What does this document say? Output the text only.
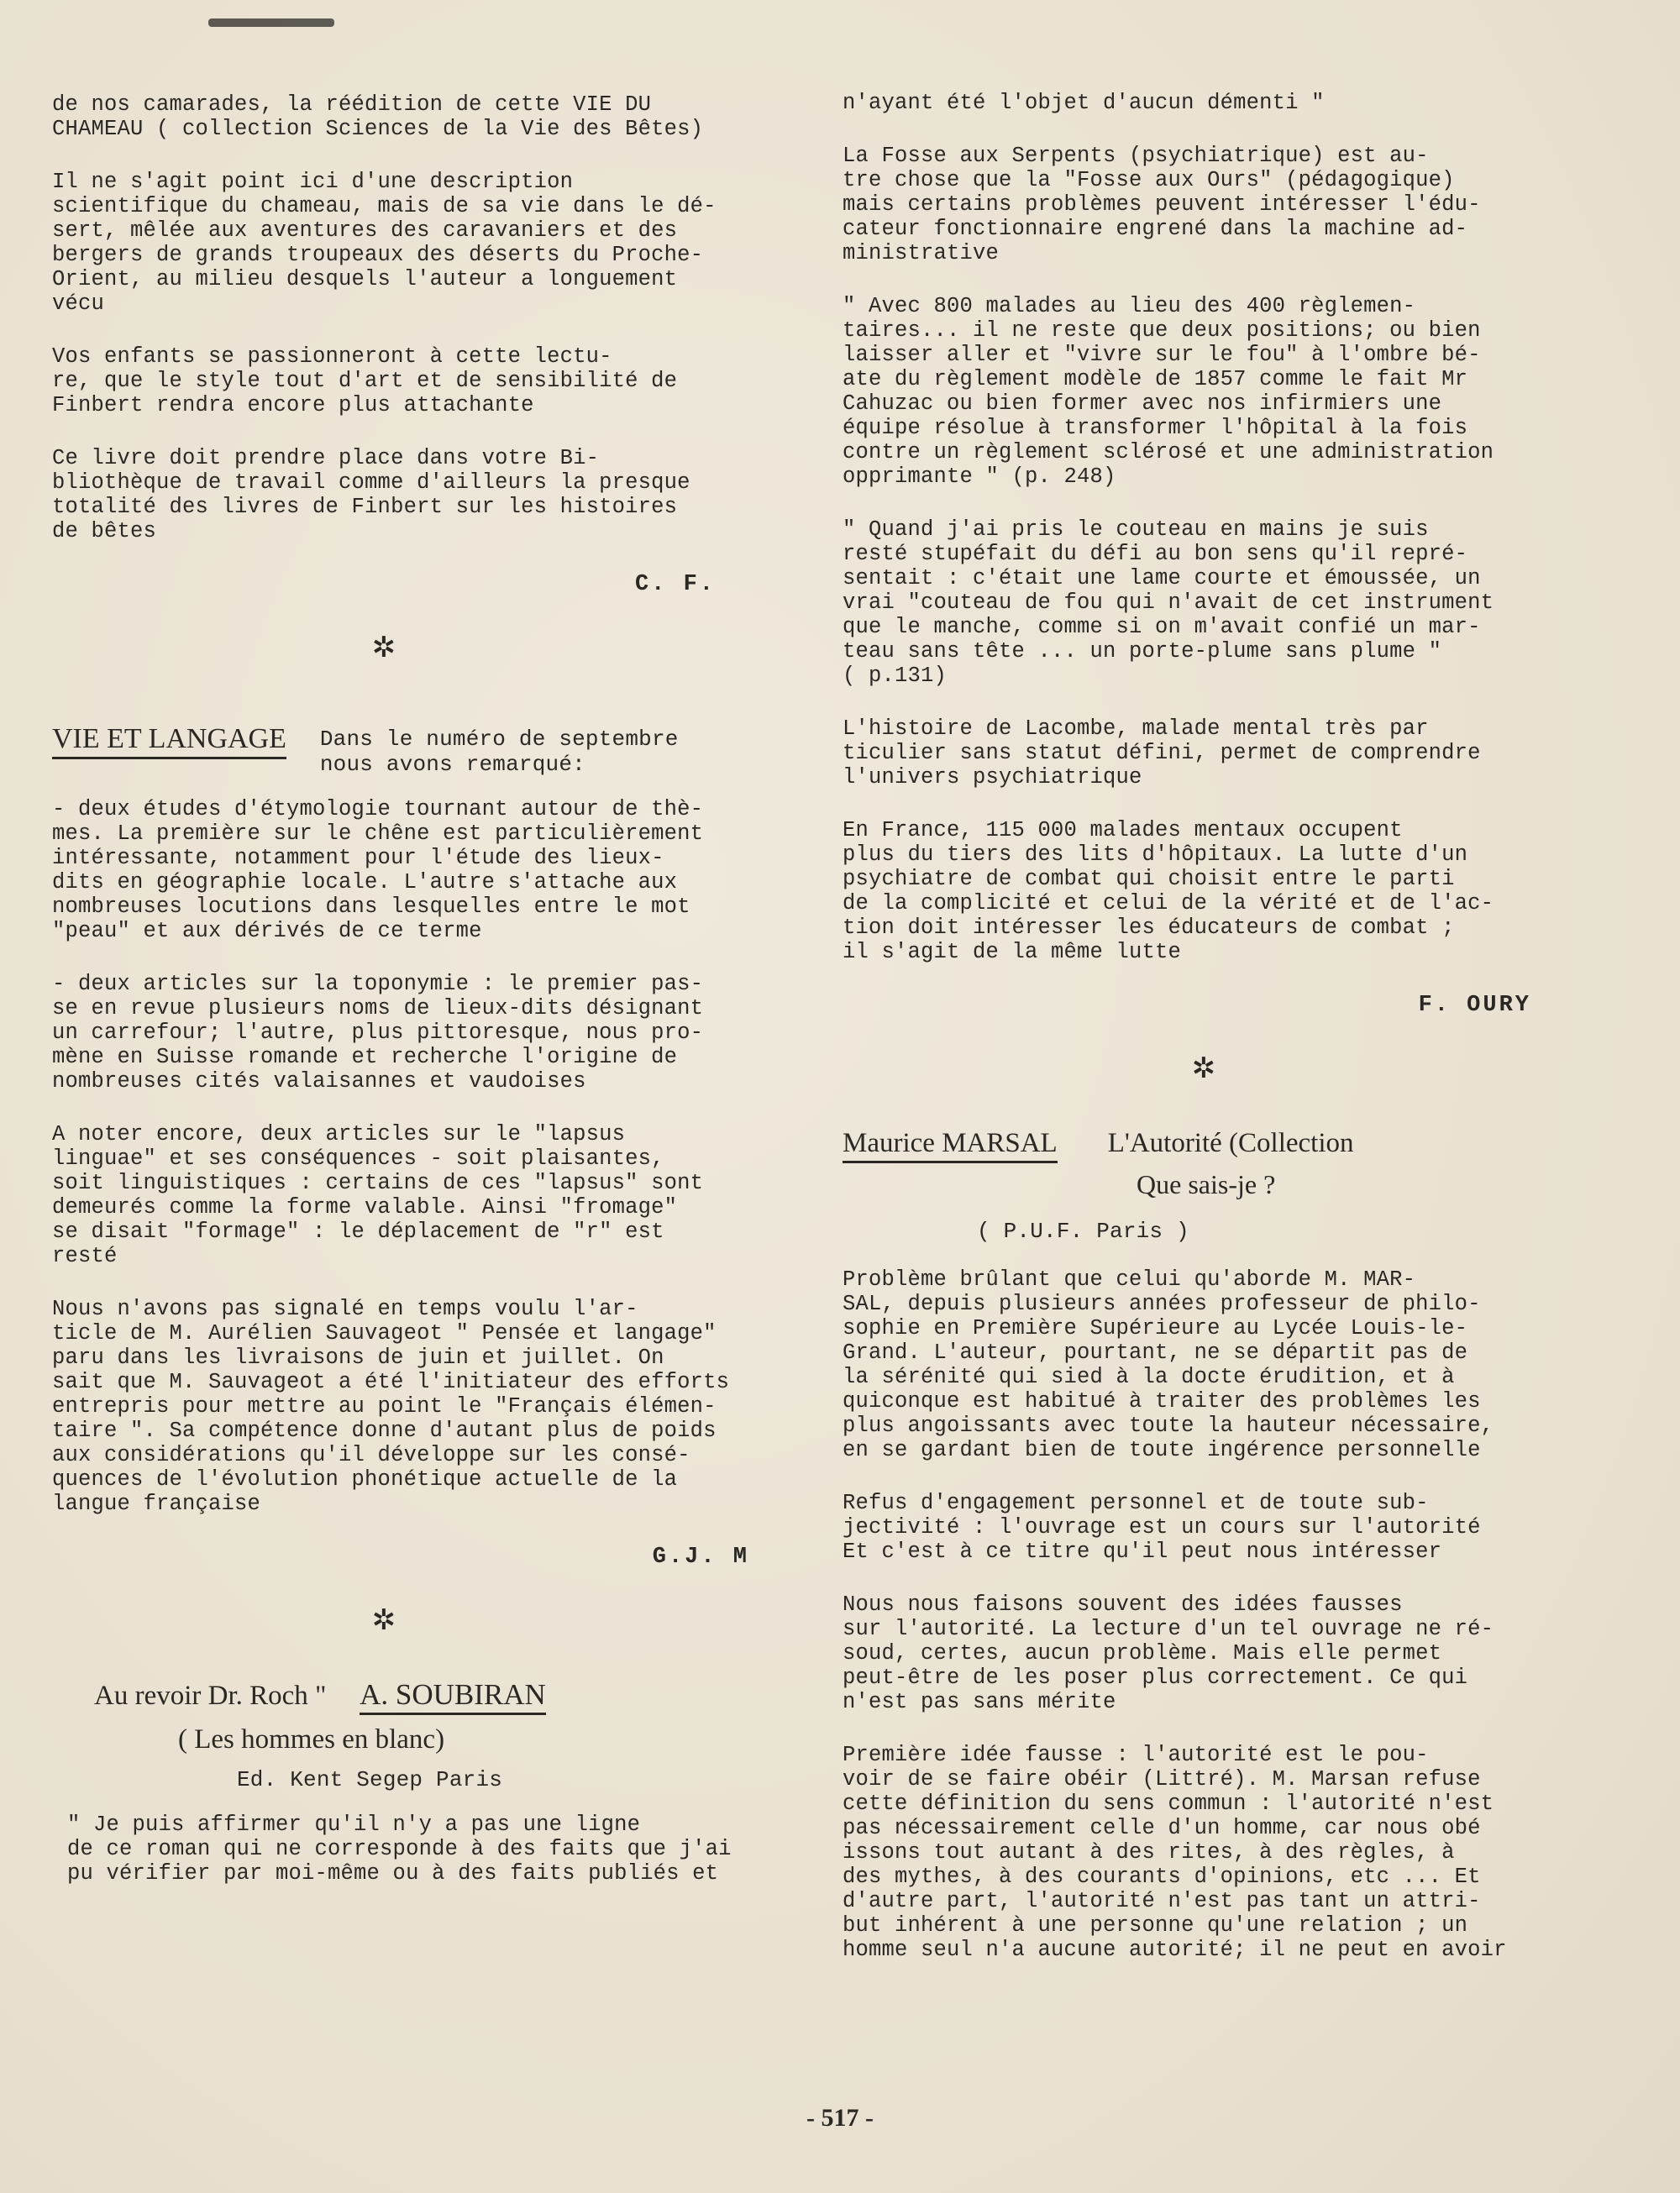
de nos camarades, la réédition de cette VIE DU
CHAMEAU ( collection Sciences de la Vie des Bêtes)
Il ne s'agit point ici d'une description
scientifique du chameau, mais de sa vie dans le dé-
sert, mêlée aux aventures des caravaniers et des
bergers de grands troupeaux des déserts du Proche-
Orient, au milieu desquels l'auteur a longuement
vécu
Vos enfants se passionneront à cette lectu-
re, que le style tout d'art et de sensibilité de
Finbert rendra encore plus attachante
Ce livre doit prendre place dans votre Bi-
bliothèque de travail comme d'ailleurs la presque
totalité des livres de Finbert sur les histoires
de bêtes
C. F.
✲
VIE ET LANGAGE Dans le numéro de septembre
nous avons remarqué:
- deux études d'étymologie tournant autour de thè-
mes. La première sur le chêne est particulièrement
intéressante, notamment pour l'étude des lieux-
dits en géographie locale. L'autre s'attache aux
nombreuses locutions dans lesquelles entre le mot
"peau" et aux dérivés de ce terme
- deux articles sur la toponymie : le premier pas-
se en revue plusieurs noms de lieux-dits désignant
un carrefour; l'autre, plus pittoresque, nous pro-
mène en Suisse romande et recherche l'origine de
nombreuses cités valaisannes et vaudoises
A noter encore, deux articles sur le "lapsus
linguae" et ses conséquences - soit plaisantes,
soit linguistiques : certains de ces "lapsus" sont
demeurés comme la forme valable. Ainsi "fromage"
se disait "formage" : le déplacement de "r" est
resté
Nous n'avons pas signalé en temps voulu l'ar-
ticle de M. Aurélien Sauvageot " Pensée et langage"
paru dans les livraisons de juin et juillet. On
sait que M. Sauvageot a été l'initiateur des efforts
entrepris pour mettre au point le "Français élémen-
taire ". Sa compétence donne d'autant plus de poids
aux considérations qu'il développe sur les consé-
quences de l'évolution phonétique actuelle de la
langue française
G.J. M
✲
Au revoir Dr. Roch " A. SOUBIRAN
( Les hommes en blanc)
Ed. Kent Segep Paris
" Je puis affirmer qu'il n'y a pas une ligne
de ce roman qui ne corresponde à des faits que j'ai
pu vérifier par moi-même ou à des faits publiés et
n'ayant été l'objet d'aucun démenti "
La Fosse aux Serpents (psychiatrique) est au-
tre chose que la "Fosse aux Ours" (pédagogique)
mais certains problèmes peuvent intéresser l'édu-
cateur fonctionnaire engrené dans la machine ad-
ministrative
" Avec 800 malades au lieu des 400 règlemen-
taires... il ne reste que deux positions; ou bien
laisser aller et "vivre sur le fou" à l'ombre bé-
ate du règlement modèle de 1857 comme le fait Mr
Cahuzac ou bien former avec nos infirmiers une
équipe résolue à transformer l'hôpital à la fois
contre un règlement sclérosé et une administration
opprimante " (p. 248)
" Quand j'ai pris le couteau en mains je suis
resté stupéfait du défi au bon sens qu'il repré-
sentait : c'était une lame courte et émoussée, un
vrai "couteau de fou qui n'avait de cet instrument
que le manche, comme si on m'avait confié un mar-
teau sans tête ... un porte-plume sans plume "
( p.131)
L'histoire de Lacombe, malade mental très par
ticulier sans statut défini, permet de comprendre
l'univers psychiatrique
En France, 115 000 malades mentaux occupent
plus du tiers des lits d'hôpitaux. La lutte d'un
psychiatre de combat qui choisit entre le parti
de la complicité et celui de la vérité et de l'ac-
tion doit intéresser les éducateurs de combat ;
il s'agit de la même lutte
F. OURY
✲
Maurice MARSAL L'Autorité (Collection
Que sais-je ?
( P.U.F. Paris )
Problème brûlant que celui qu'aborde M. MAR-
SAL, depuis plusieurs années professeur de philo-
sophie en Première Supérieure au Lycée Louis-le-
Grand. L'auteur, pourtant, ne se départit pas de
la sérénité qui sied à la docte érudition, et à
quiconque est habitué à traiter des problèmes les
plus angoissants avec toute la hauteur nécessaire,
en se gardant bien de toute ingérence personnelle
Refus d'engagement personnel et de toute sub-
jectivité : l'ouvrage est un cours sur l'autorité
Et c'est à ce titre qu'il peut nous intéresser
Nous nous faisons souvent des idées fausses
sur l'autorité. La lecture d'un tel ouvrage ne ré-
soud, certes, aucun problème. Mais elle permet
peut-être de les poser plus correctement. Ce qui
n'est pas sans mérite
Première idée fausse : l'autorité est le pou-
voir de se faire obéir (Littré). M. Marsan refuse
cette définition du sens commun : l'autorité n'est
pas nécessairement celle d'un homme, car nous obé
issons tout autant à des rites, à des règles, à
des mythes, à des courants d'opinions, etc ... Et
d'autre part, l'autorité n'est pas tant un attri-
but inhérent à une personne qu'une relation ; un
homme seul n'a aucune autorité; il ne peut en avoir
- 517 -
